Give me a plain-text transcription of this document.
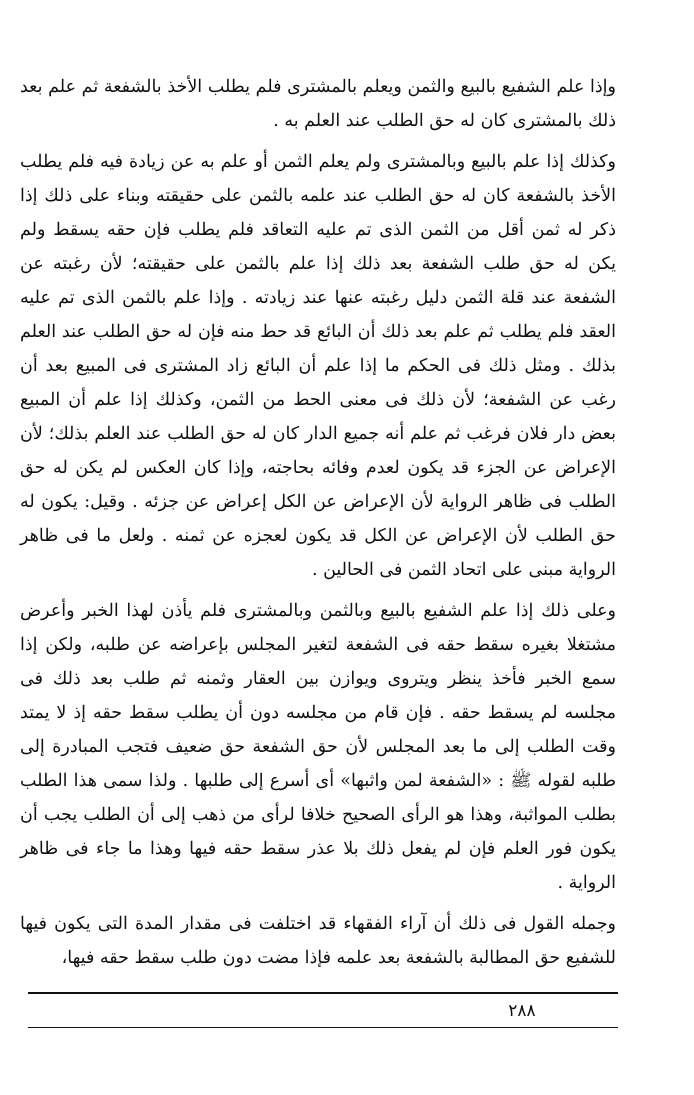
وإذا علم الشفيع بالبيع والثمن ويعلم بالمشترى فلم يطلب الأخذ بالشفعة ثم علم بعد ذلك بالمشترى كان له حق الطلب عند العلم به .

وكذلك إذا علم بالبيع وبالمشترى ولم يعلم الثمن أو علم به عن زيادة فيه فلم يطلب الأخذ بالشفعة كان له حق الطلب عند علمه بالثمن على حقيقته وبناء على ذلك إذا ذكر له ثمن أقل من الثمن الذى تم عليه التعاقد فلم يطلب فإن حقه يسقط ولم يكن له حق طلب الشفعة بعد ذلك إذا علم بالثمن على حقيقته؛ لأن رغبته عن الشفعة عند قلة الثمن دليل رغبته عنها عند زيادته . وإذا علم بالثمن الذى تم عليه العقد فلم يطلب ثم علم بعد ذلك أن البائع قد حط منه فإن له حق الطلب عند العلم بذلك . ومثل ذلك فى الحكم ما إذا علم أن البائع زاد المشترى فى المبيع بعد أن رغب عن الشفعة؛ لأن ذلك فى معنى الحط من الثمن، وكذلك إذا علم أن المبيع بعض دار فلان فرغب ثم علم أنه جميع الدار كان له حق الطلب عند العلم بذلك؛ لأن الإعراض عن الجزء قد يكون لعدم وفائه بحاجته، وإذا كان العكس لم يكن له حق الطلب فى ظاهر الرواية لأن الإعراض عن الكل إعراض عن جزئه . وقيل: يكون له حق الطلب لأن الإعراض عن الكل قد يكون لعجزه عن ثمنه . ولعل ما فى ظاهر الرواية مبنى على اتحاد الثمن فى الحالين .

وعلى ذلك إذا علم الشفيع بالبيع وبالثمن وبالمشترى فلم يأذن لهذا الخبر وأعرض مشتغلا بغيره سقط حقه فى الشفعة لتغير المجلس بإعراضه عن طلبه، ولكن إذا سمع الخبر فأخذ ينظر ويتروى ويوازن بين العقار وثمنه ثم طلب بعد ذلك فى مجلسه لم يسقط حقه . فإن قام من مجلسه دون أن يطلب سقط حقه إذ لا يمتد وقت الطلب إلى ما بعد المجلس لأن حق الشفعة حق ضعيف فتجب المبادرة إلى طلبه لقوله ﷺ : «الشفعة لمن واثبها» أى أسرع إلى طلبها . ولذا سمى هذا الطلب بطلب المواثبة، وهذا هو الرأى الصحيح خلافا لرأى من ذهب إلى أن الطلب يجب أن يكون فور العلم فإن لم يفعل ذلك بلا عذر سقط حقه فيها وهذا ما جاء فى ظاهر الرواية .

وجمله القول فى ذلك أن آراء الفقهاء قد اختلفت فى مقدار المدة التى يكون فيها للشفيع حق المطالبة بالشفعة بعد علمه فإذا مضت دون طلب سقط حقه فيها،

٢٨٨
